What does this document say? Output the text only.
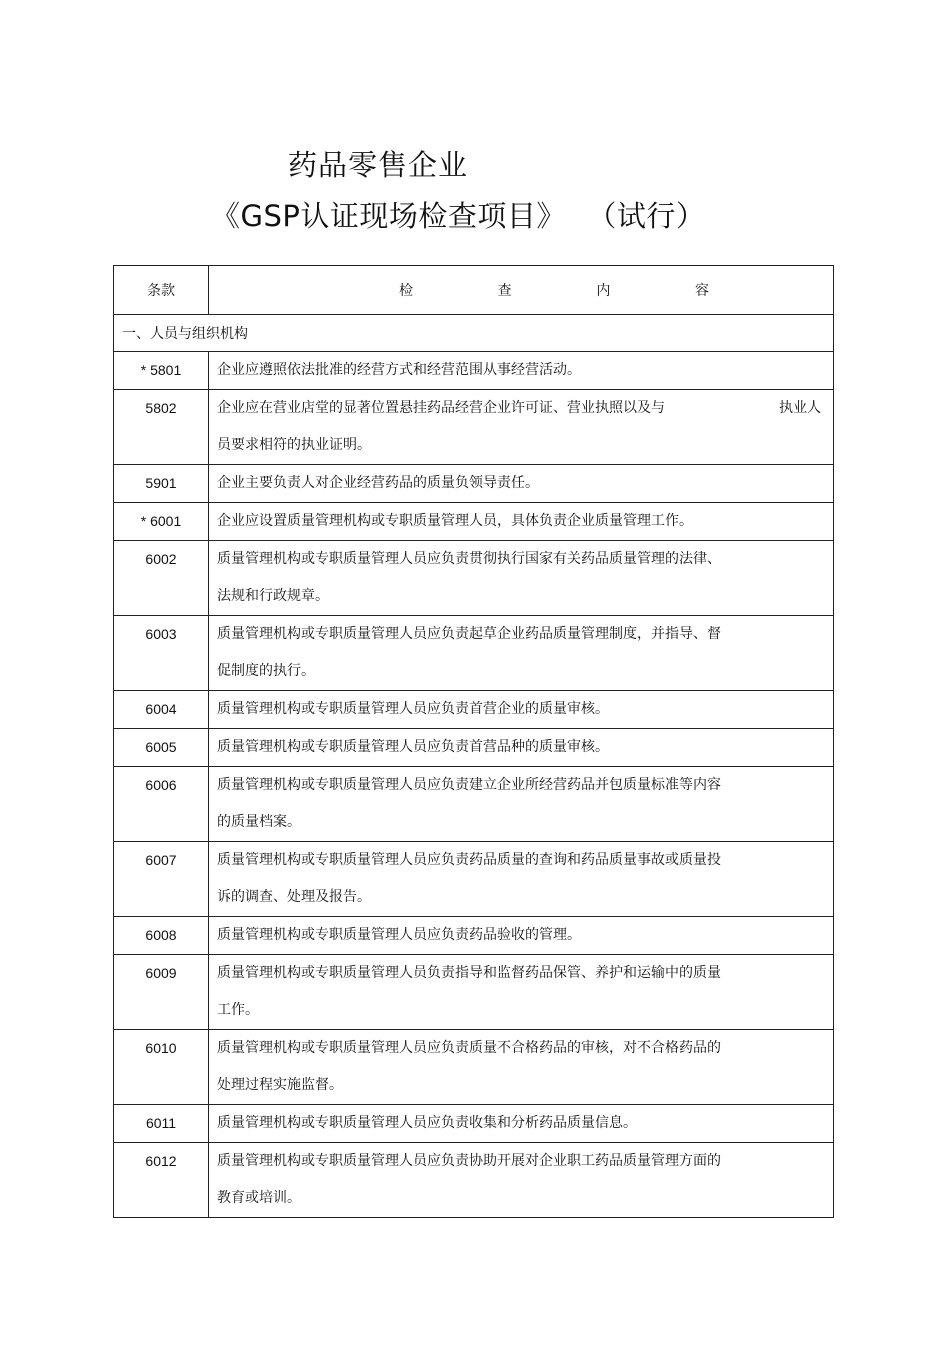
药品零售企业
《GSP认证现场检查项目》 （试行）
条款	检 查 内 容

一、人员与组织机构	

* 5801	企业应遵照依法批准的经营方式和经营范围从事经营活动。

5802	企业应在营业店堂的显著位置悬挂药品经营企业许可证、营业执照以及与 执业人
员要求相符的执业证明。

5901	企业主要负责人对企业经营药品的质量负领导责任。

* 6001	企业应设置质量管理机构或专职质量管理人员，具体负责企业质量管理工作。

6002	质量管理机构或专职质量管理人员应负责贯彻执行国家有关药品质量管理的法律、
法规和行政规章。

6003	质量管理机构或专职质量管理人员应负责起草企业药品质量管理制度，并指导、督
促制度的执行。

6004	质量管理机构或专职质量管理人员应负责首营企业的质量审核。

6005	质量管理机构或专职质量管理人员应负责首营品种的质量审核。

6006	质量管理机构或专职质量管理人员应负责建立企业所经营药品并包质量标准等内容
的质量档案。

6007	质量管理机构或专职质量管理人员应负责药品质量的查询和药品质量事故或质量投
诉的调查、处理及报告。

6008	质量管理机构或专职质量管理人员应负责药品验收的管理。

6009	质量管理机构或专职质量管理人员负责指导和监督药品保管、养护和运输中的质量
工作。

6010	质量管理机构或专职质量管理人员应负责质量不合格药品的审核，对不合格药品的
处理过程实施监督。

6011	质量管理机构或专职质量管理人员应负责收集和分析药品质量信息。

6012	质量管理机构或专职质量管理人员应负责协助开展对企业职工药品质量管理方面的
教育或培训。
